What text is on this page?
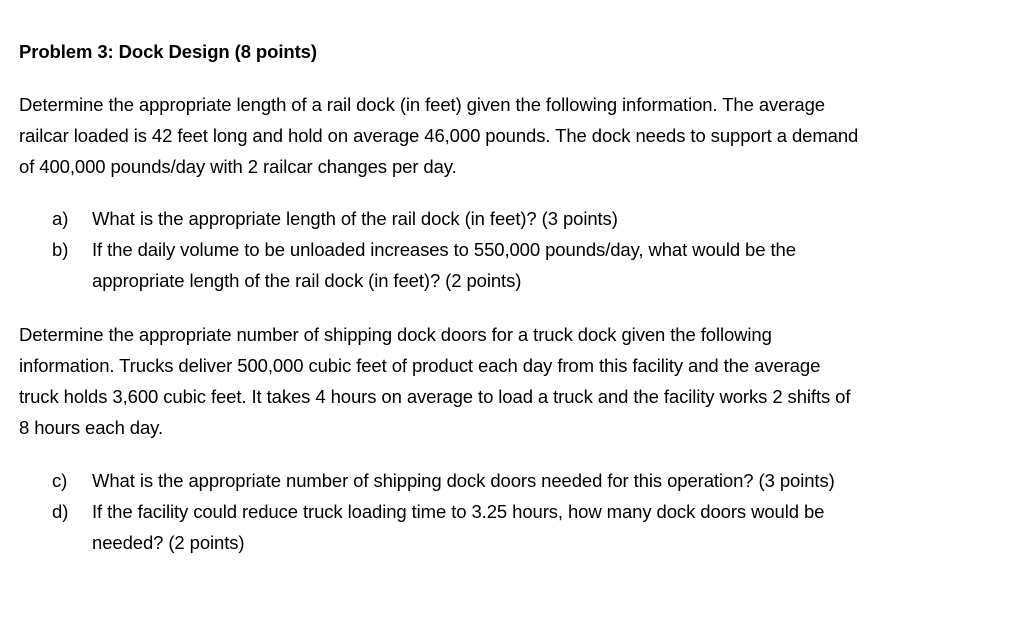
Problem 3: Dock Design (8 points)

Determine the appropriate length of a rail dock (in feet) given the following information. The average

railcar loaded is 42 feet long and hold on average 46,000 pounds. The dock needs to support a demand

of 400,000 pounds/day with 2 railcar changes per day.

a) What is the appropriate length of the rail dock (in feet)? (3 points)
b) If the daily volume to be unloaded increases to 550,000 pounds/day, what would be the
appropriate length of the rail dock (in feet)? (2 points)

Determine the appropriate number of shipping dock doors for a truck dock given the following

information. Trucks deliver 500,000 cubic feet of product each day from this facility and the average

truck holds 3,600 cubic feet. It takes 4 hours on average to load a truck and the facility works 2 shifts of

8 hours each day.

c) What is the appropriate number of shipping dock doors needed for this operation? (3 points)
d) If the facility could reduce truck loading time to 3.25 hours, how many dock doors would be
needed? (2 points)
